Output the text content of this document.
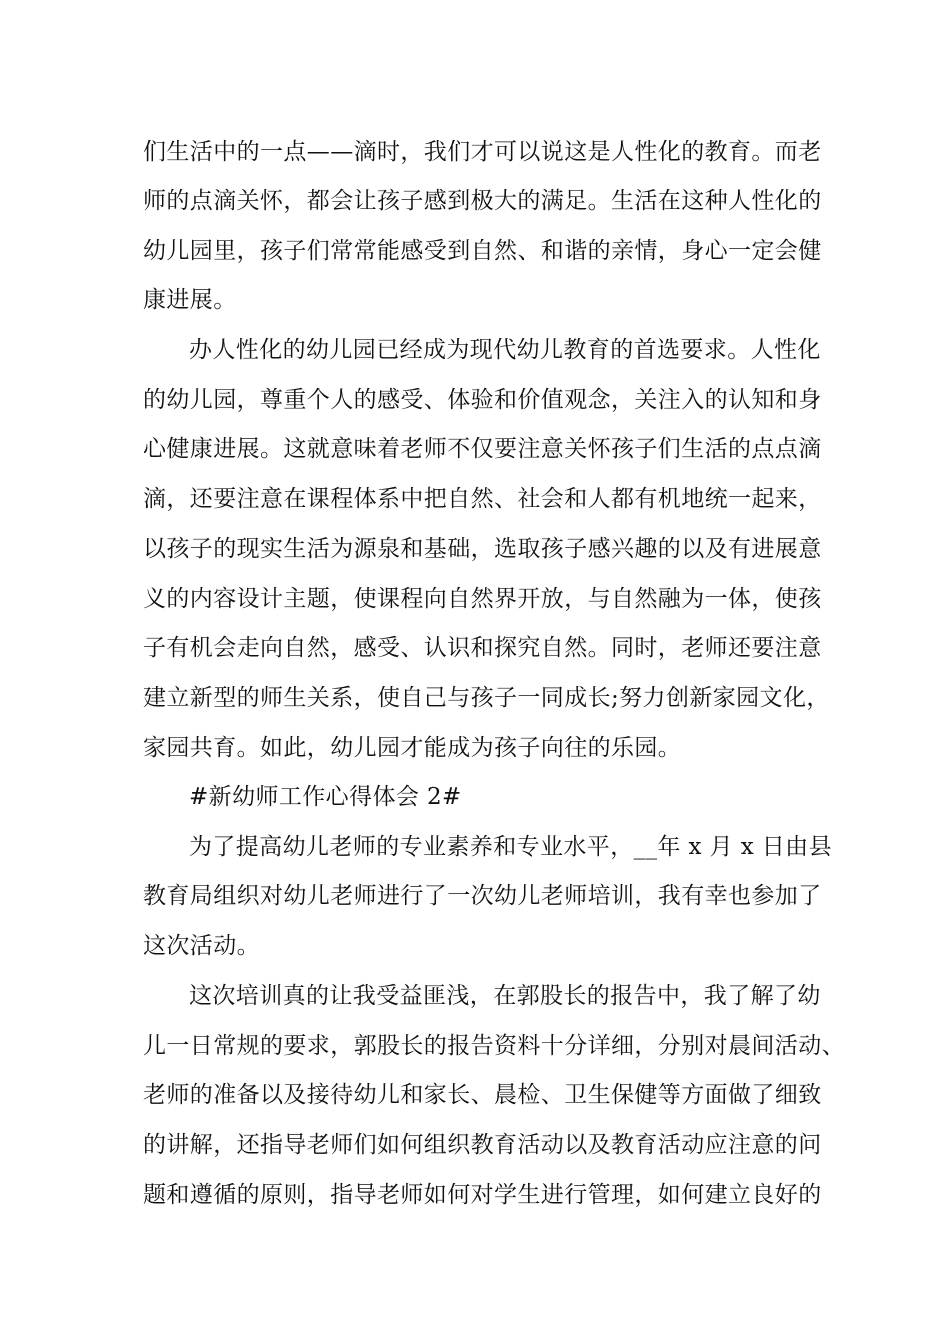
们生活中的一点——滴时，我们才可以说这是人性化的教育。而老
师的点滴关怀，都会让孩子感到极大的满足。生活在这种人性化的
幼儿园里，孩子们常常能感受到自然、和谐的亲情，身心一定会健
康进展。
办人性化的幼儿园已经成为现代幼儿教育的首选要求。人性化
的幼儿园，尊重个人的感受、体验和价值观念，关注入的认知和身
心健康进展。这就意味着老师不仅要注意关怀孩子们生活的点点滴
滴，还要注意在课程体系中把自然、社会和人都有机地统一起来，
以孩子的现实生活为源泉和基础，选取孩子感兴趣的以及有进展意
义的内容设计主题，使课程向自然界开放，与自然融为一体，使孩
子有机会走向自然，感受、认识和探究自然。同时，老师还要注意
建立新型的师生关系，使自己与孩子一同成长;努力创新家园文化，
家园共育。如此，幼儿园才能成为孩子向往的乐园。
#新幼师工作心得体会 2#
为了提高幼儿老师的专业素养和专业水平，__年 x 月 x 日由县
教育局组织对幼儿老师进行了一次幼儿老师培训，我有幸也参加了
这次活动。
这次培训真的让我受益匪浅，在郭股长的报告中，我了解了幼
儿一日常规的要求，郭股长的报告资料十分详细，分别对晨间活动、
老师的准备以及接待幼儿和家长、晨检、卫生保健等方面做了细致
的讲解，还指导老师们如何组织教育活动以及教育活动应注意的问
题和遵循的原则，指导老师如何对学生进行管理，如何建立良好的
